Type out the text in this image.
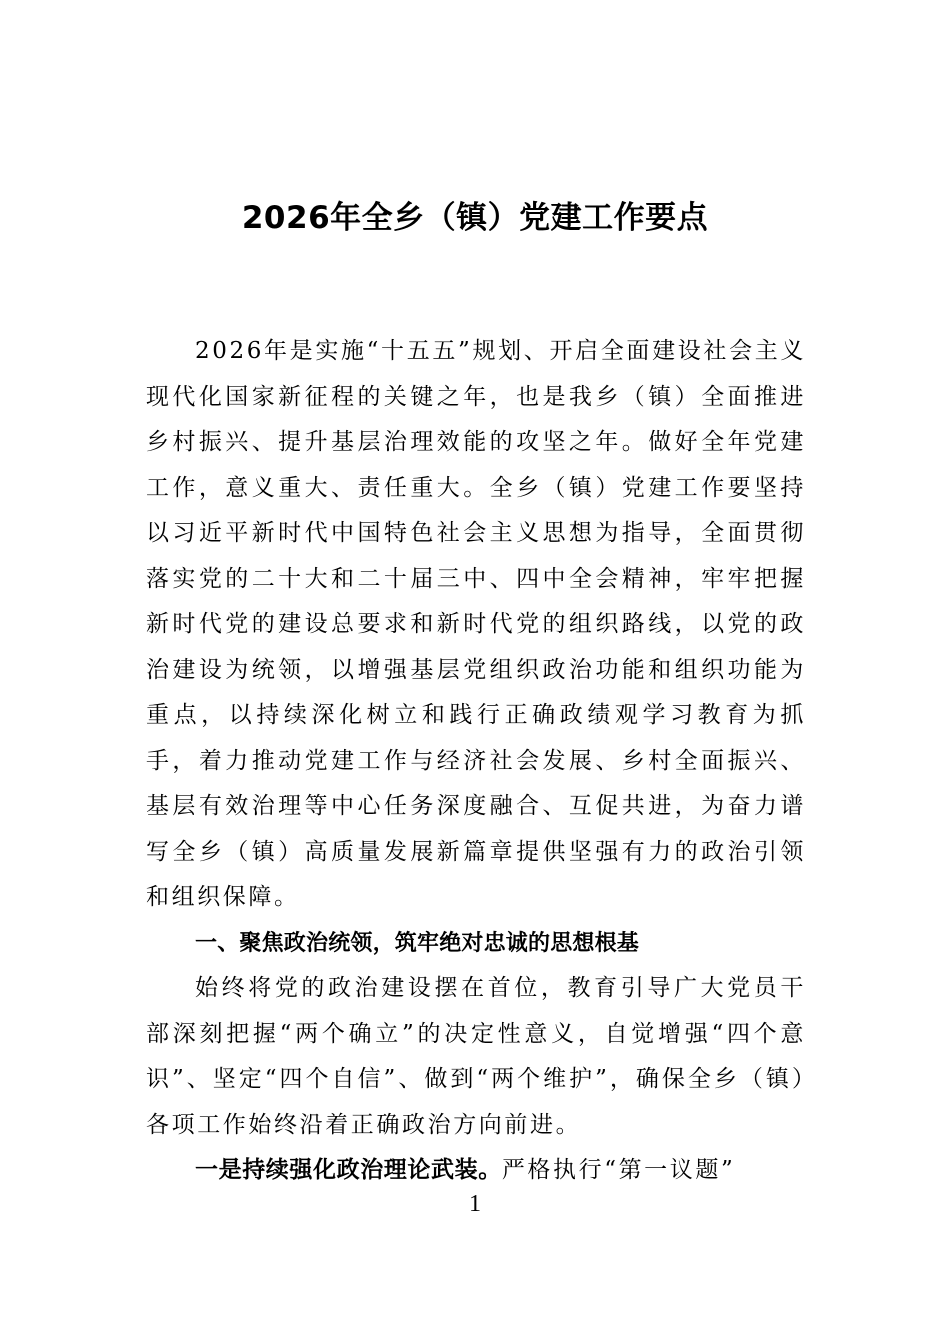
2026年全乡（镇）党建工作要点

2026年是实施“十五五”规划、开启全面建设社会主义现代化国家新征程的关键之年，也是我乡（镇）全面推进乡村振兴、提升基层治理效能的攻坚之年。做好全年党建工作，意义重大、责任重大。全乡（镇）党建工作要坚持以习近平新时代中国特色社会主义思想为指导，全面贯彻落实党的二十大和二十届三中、四中全会精神，牢牢把握新时代党的建设总要求和新时代党的组织路线，以党的政治建设为统领，以增强基层党组织政治功能和组织功能为重点，以持续深化树立和践行正确政绩观学习教育为抓手，着力推动党建工作与经济社会发展、乡村全面振兴、基层有效治理等中心任务深度融合、互促共进，为奋力谱写全乡（镇）高质量发展新篇章提供坚强有力的政治引领和组织保障。

一、聚焦政治统领，筑牢绝对忠诚的思想根基

始终将党的政治建设摆在首位，教育引导广大党员干部深刻把握“两个确立”的决定性意义，自觉增强“四个意识”、坚定“四个自信”、做到“两个维护”，确保全乡（镇）各项工作始终沿着正确政治方向前进。

一是持续强化政治理论武装。严格执行“第一议题”

1
